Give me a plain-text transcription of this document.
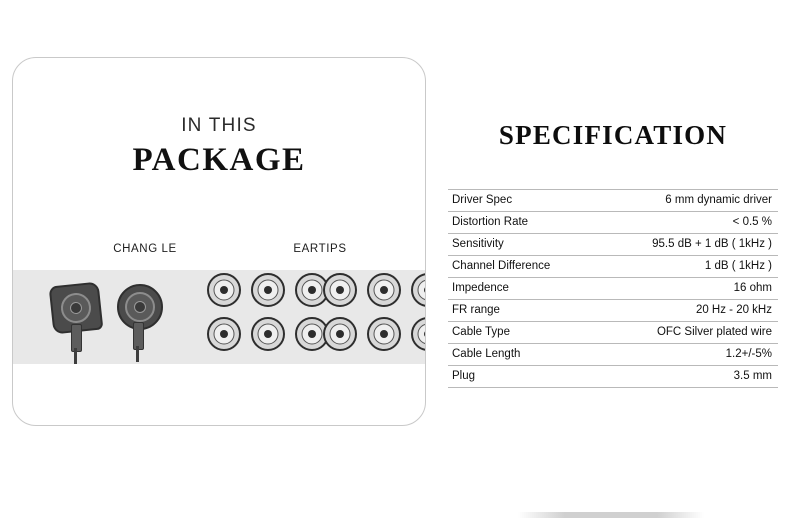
IN THIS
PACKAGE
CHANG LE	EARTIPS
SPECIFICATION
Driver Spec	6 mm dynamic driver
Distortion Rate	< 0.5 %
Sensitivity	95.5 dB + 1 dB ( 1kHz )
Channel Difference	1 dB ( 1kHz )
Impedence	16 ohm
FR range	20 Hz - 20 kHz
Cable Type	OFC Silver plated wire
Cable Length	1.2+/-5%
Plug	3.5 mm
